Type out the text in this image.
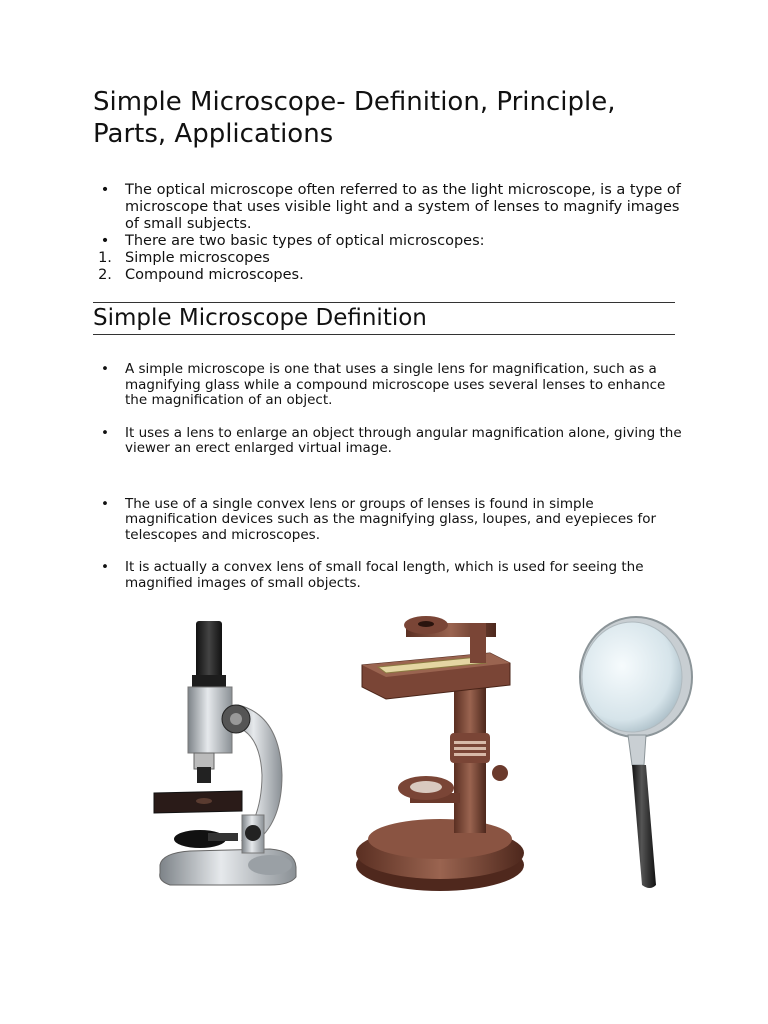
Simple Microscope- Definition, Principle, Parts, Applications
•	The optical microscope often referred to as the light microscope, is a type of microscope that uses visible light and a system of lenses to magnify images of small subjects.
•	There are two basic types of optical microscopes:
1. Simple microscopes
2. Compound microscopes.
Simple Microscope Definition
•	A simple microscope is one that uses a single lens for magnification, such as a magnifying glass while a compound microscope uses several lenses to enhance the magnification of an object.
•	It uses a lens to enlarge an object through angular magnification alone, giving the viewer an erect enlarged virtual image.
•	The use of a single convex lens or groups of lenses is found in simple magnification devices such as the magnifying glass, loupes, and eyepieces for telescopes and microscopes.
•	It is actually a convex lens of small focal length, which is used for seeing the magnified images of small objects.
